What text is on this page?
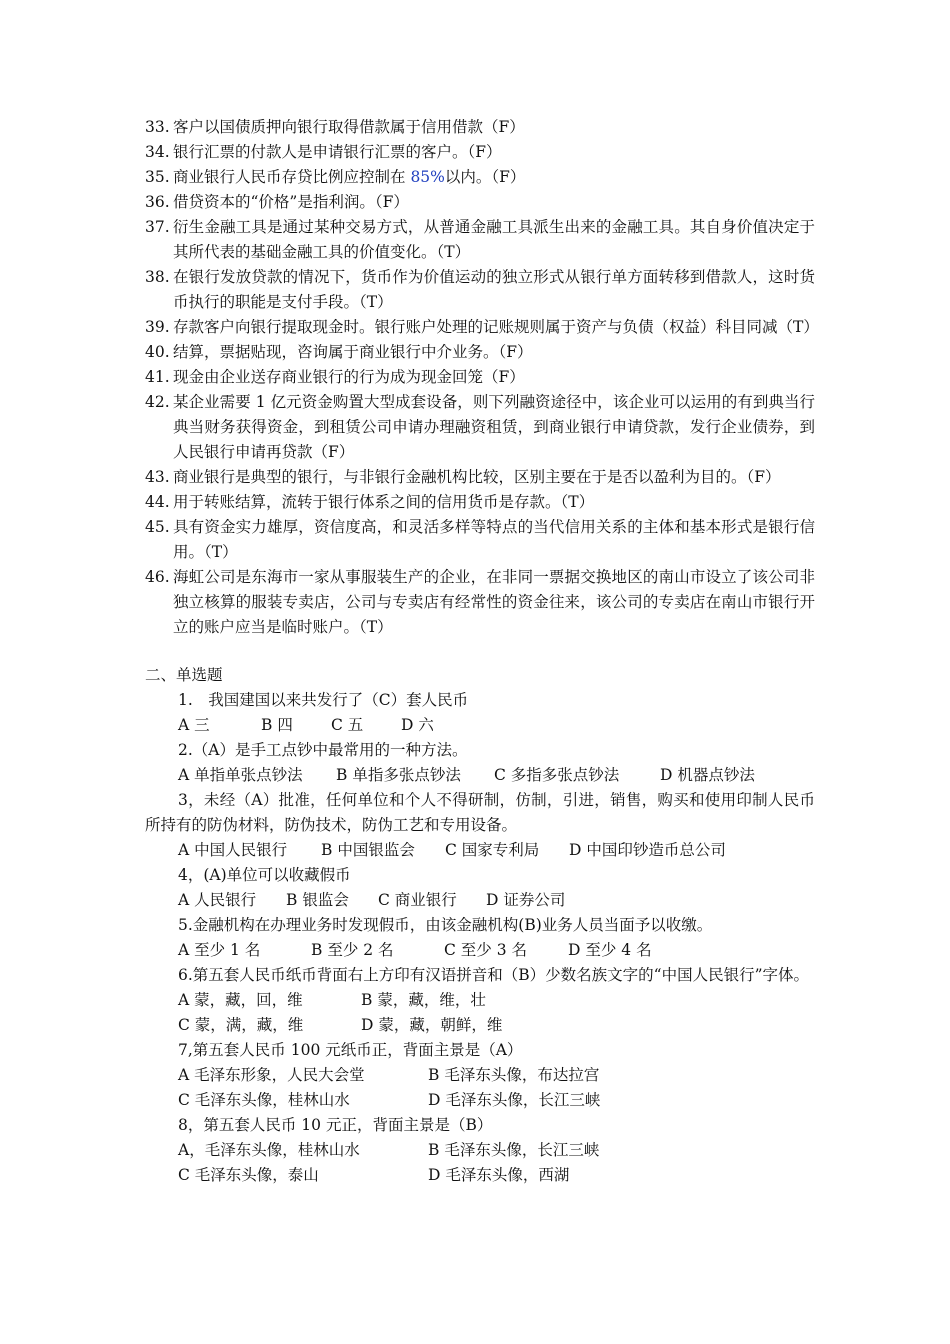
33. 客户以国债质押向银行取得借款属于信用借款（F）
34. 银行汇票的付款人是申请银行汇票的客户。（F）
35. 商业银行人民币存贷比例应控制在 85%以内。（F）
36. 借贷资本的“价格”是指利润。（F）
37. 衍生金融工具是通过某种交易方式，从普通金融工具派生出来的金融工具。其自身价值决定于其所代表的基础金融工具的价值变化。（T）
38. 在银行发放贷款的情况下，货币作为价值运动的独立形式从银行单方面转移到借款人，这时货币执行的职能是支付手段。（T）
39. 存款客户向银行提取现金时。银行账户处理的记账规则属于资产与负债（权益）科目同减（T）
40. 结算，票据贴现，咨询属于商业银行中介业务。（F）
41. 现金由企业送存商业银行的行为成为现金回笼（F）
42. 某企业需要 1 亿元资金购置大型成套设备，则下列融资途径中，该企业可以运用的有到典当行典当财务获得资金，到租赁公司申请办理融资租赁，到商业银行申请贷款，发行企业债券，到人民银行申请再贷款（F）
43. 商业银行是典型的银行，与非银行金融机构比较，区别主要在于是否以盈利为目的。（F）
44. 用于转账结算，流转于银行体系之间的信用货币是存款。（T）
45. 具有资金实力雄厚，资信度高，和灵活多样等特点的当代信用关系的主体和基本形式是银行信用。（T）
46. 海虹公司是东海市一家从事服装生产的企业，在非同一票据交换地区的南山市设立了该公司非独立核算的服装专卖店，公司与专卖店有经常性的资金往来，该公司的专卖店在南山市银行开立的账户应当是临时账户。（T）
二、单选题
1.　我国建国以来共发行了（C）套人民币
A 三	B 四	C 五	D 六
2.（A）是手工点钞中最常用的一种方法。
A 单指单张点钞法	B 单指多张点钞法	C 多指多张点钞法	D 机器点钞法
3，未经（A）批准，任何单位和个人不得研制，仿制，引进，销售，购买和使用印制人民币所持有的防伪材料，防伪技术，防伪工艺和专用设备。
A 中国人民银行	B 中国银监会	C 国家专利局	D 中国印钞造币总公司
4，(A)单位可以收藏假币
A 人民银行	B 银监会	C 商业银行	D 证券公司
5.金融机构在办理业务时发现假币，由该金融机构(B)业务人员当面予以收缴。
A 至少 1 名	B 至少 2 名	C 至少 3 名	D 至少 4 名
6.第五套人民币纸币背面右上方印有汉语拼音和（B）少数名族文字的“中国人民银行”字体。
A 蒙，藏，回，维	B 蒙，藏，维，壮
C 蒙，满，藏，维	D 蒙，藏，朝鲜，维
7,第五套人民币 100 元纸币正，背面主景是（A）
A 毛泽东形象，人民大会堂	B 毛泽东头像，布达拉宫
C 毛泽东头像，桂林山水	D 毛泽东头像，长江三峡
8，第五套人民币 10 元正，背面主景是（B）
A，毛泽东头像，桂林山水	B 毛泽东头像，长江三峡
C 毛泽东头像，泰山	D 毛泽东头像，西湖
